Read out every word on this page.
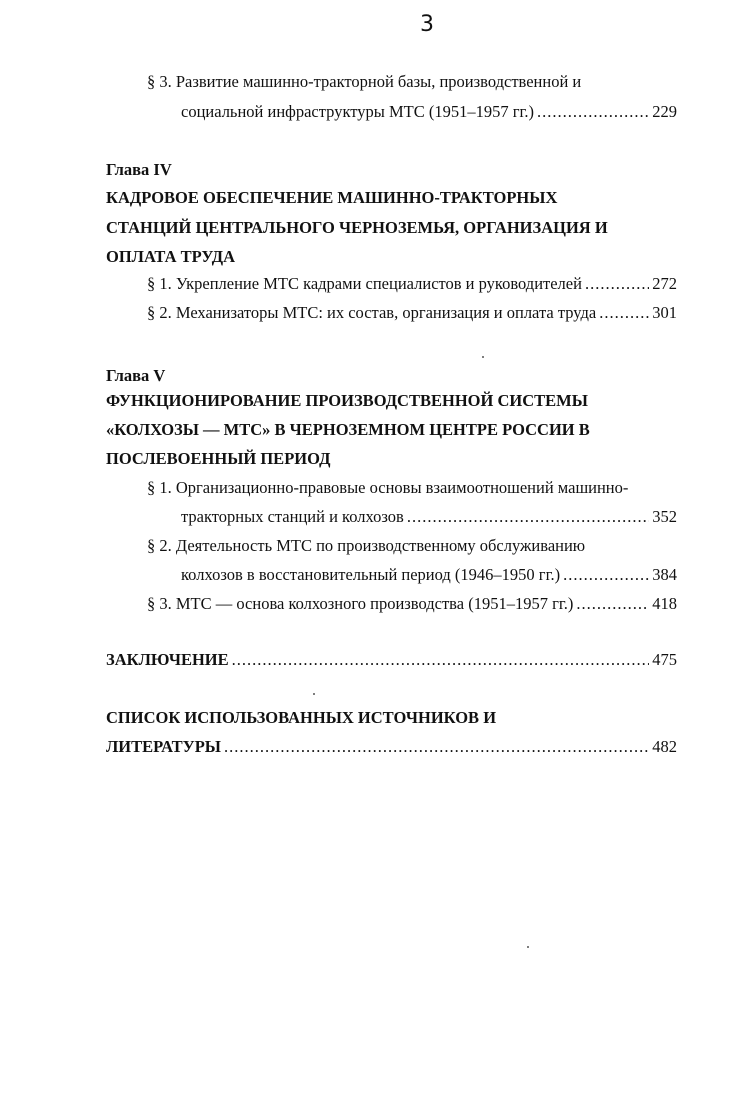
3
§ 3. Развитие машинно-тракторной базы, производственной и
социальной инфраструктуры МТС (1951–1957 гг.) .....	229
Глава IV
КАДРОВОЕ ОБЕСПЕЧЕНИЕ МАШИННО-ТРАКТОРНЫХ
СТАНЦИЙ ЦЕНТРАЛЬНОГО ЧЕРНОЗЕМЬЯ, ОРГАНИЗАЦИЯ И
ОПЛАТА ТРУДА
§ 1. Укрепление МТС кадрами специалистов и руководителей .....	272
§ 2. Механизаторы МТС: их состав, организация и оплата труда .....	301
Глава V
ФУНКЦИОНИРОВАНИЕ ПРОИЗВОДСТВЕННОЙ СИСТЕМЫ
«КОЛХОЗЫ — МТС» В ЧЕРНОЗЕМНОМ ЦЕНТРЕ РОССИИ В
ПОСЛЕВОЕННЫЙ ПЕРИОД
§ 1. Организационно-правовые основы взаимоотношений машинно-
тракторных станций и колхозов .....	352
§ 2. Деятельность МТС по производственному обслуживанию
колхозов в восстановительный период (1946–1950 гг.) .....	384
§ 3. МТС — основа колхозного производства (1951–1957 гг.) .....	418
ЗАКЛЮЧЕНИЕ .....	475
СПИСОК ИСПОЛЬЗОВАННЫХ ИСТОЧНИКОВ И
ЛИТЕРАТУРЫ .....	482
